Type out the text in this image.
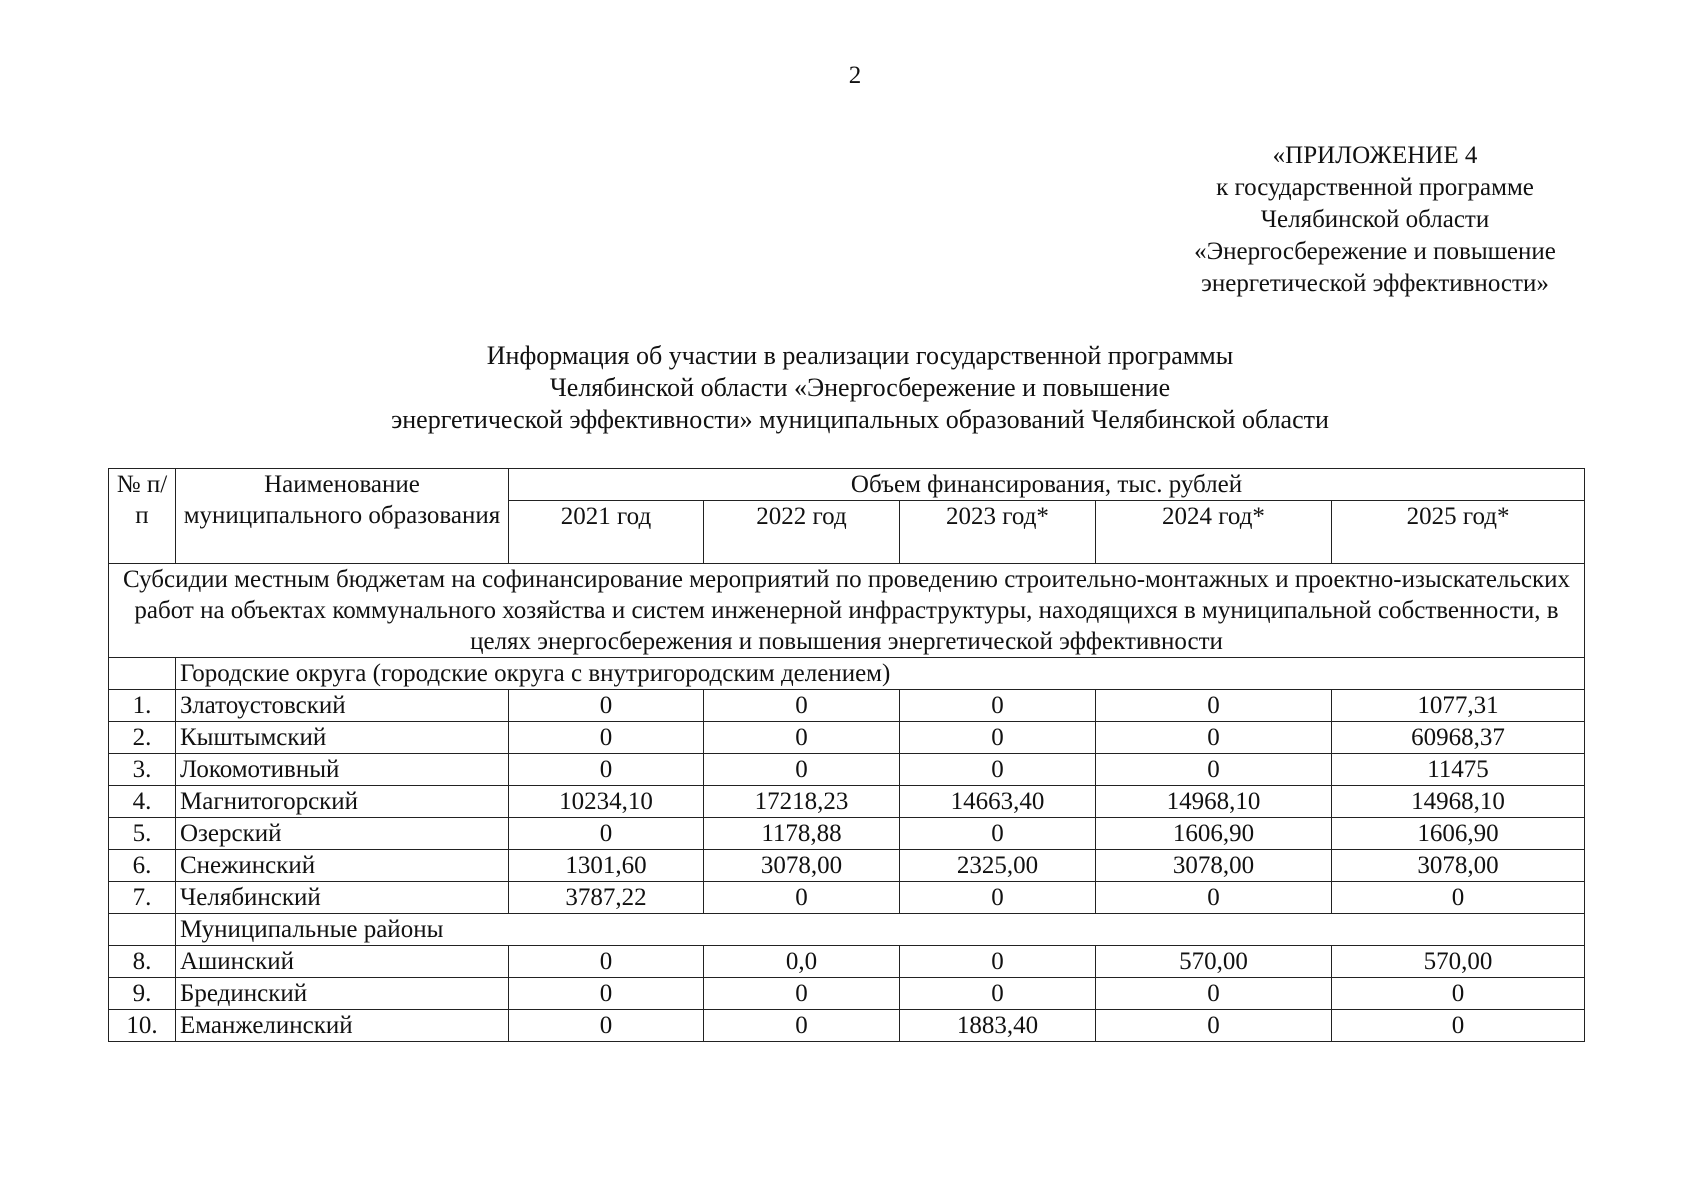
2
«ПРИЛОЖЕНИЕ 4
к государственной программе
Челябинской области
«Энергосбережение и повышение
энергетической эффективности»
Информация об участии в реализации государственной программы
Челябинской области «Энергосбережение и повышение
энергетической эффективности» муниципальных образований Челябинской области
№ п/п	Наименование муниципального образования	Объем финансирования, тыс. рублей				
		2021 год	2022 год	2023 год*	2024 год*	2025 год*
Субсидии местным бюджетам на софинансирование мероприятий по проведению строительно-монтажных и проектно-изыскательских работ на объектах коммунального хозяйства и систем инженерной инфраструктуры, находящихся в муниципальной собственности, в целях энергосбережения и повышения энергетической эффективности						
	Городские округа (городские округа с внутригородским делением)					
1.	Златоустовский	0	0	0	0	1077,31
2.	Кыштымский	0	0	0	0	60968,37
3.	Локомотивный	0	0	0	0	11475
4.	Магнитогорский	10234,10	17218,23	14663,40	14968,10	14968,10
5.	Озерский	0	1178,88	0	1606,90	1606,90
6.	Снежинский	1301,60	3078,00	2325,00	3078,00	3078,00
7.	Челябинский	3787,22	0	0	0	0
	Муниципальные районы					
8.	Ашинский	0	0,0	0	570,00	570,00
9.	Брединский	0	0	0	0	0
10.	Еманжелинский	0	0	1883,40	0	0
